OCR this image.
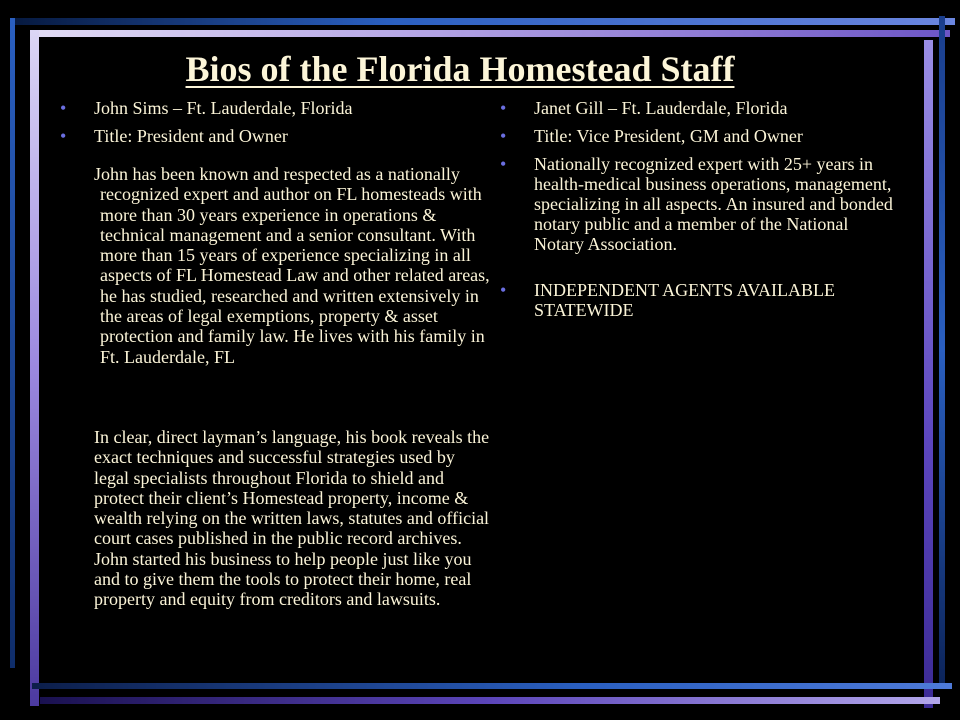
Bios of the Florida Homestead Staff
•	John Sims – Ft. Lauderdale, Florida
•	Title: President and Owner

John has been known and respected as a nationally recognized expert and author on FL homesteads with more than 30 years experience in operations & technical management and a senior consultant. With more than 15 years of experience specializing in all aspects of FL Homestead Law and other related areas, he has studied, researched and written extensively in the areas of legal exemptions, property & asset protection and family law. He lives with his family in Ft. Lauderdale, FL

In clear, direct layman’s language, his book reveals the exact techniques and successful strategies used by legal specialists throughout Florida to shield and protect their client’s Homestead property, income & wealth relying on the written laws, statutes and official court cases published in the public record archives. John started his business to help people just like you and to give them the tools to protect their home, real property and equity from creditors and lawsuits.

•	Janet Gill – Ft. Lauderdale, Florida
•	Title: Vice President, GM and Owner
•	Nationally recognized expert with 25+ years in health-medical business operations, management, specializing in all aspects. An insured and bonded notary public and a member of the National Notary Association.
•	INDEPENDENT AGENTS AVAILABLE STATEWIDE
